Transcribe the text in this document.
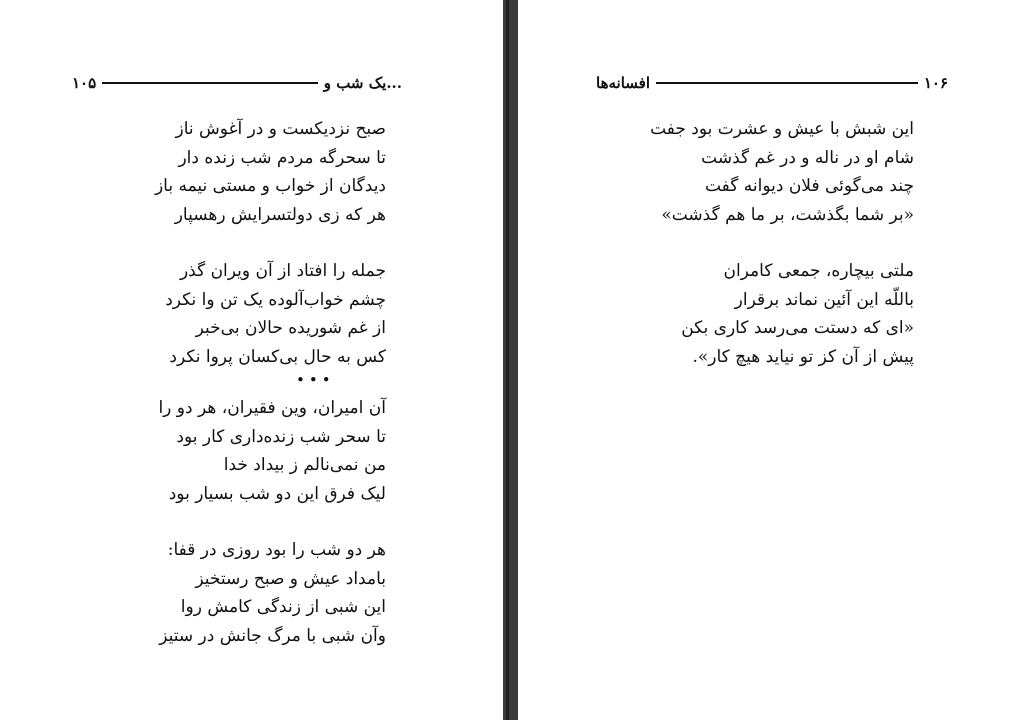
۱۰۵	یک شب و...
صبح نزدیکست و در آغوش ناز
تا سحرگه مردم شب زنده دار
دیدگان از خواب و مستی نیمه باز
هر که زی دولتسرایش رهسپار
جمله را افتاد از آن ویران گذر
چشم خواب‌آلوده یک تن وا نکرد
از غم شوریده حالان بی‌خبر
کس به حال بی‌کسان پروا نکرد
•••
آن امیران، وین فقیران، هر دو را
تا سحر شب زنده‌داری کار بود
من نمی‌نالم ز بیداد خدا
لیک فرق این دو شب بسیار بود
هر دو شب را بود روزی در قفا:
بامداد عیش و صبح رستخیز
این شبی از زندگی کامش روا
وآن شبی با مرگ جانش در ستیز
افسانه‌ها	۱۰۶
این شبش با عیش و عشرت بود جفت
شام او در ناله و در غم گذشت
چند می‌گوئی فلان دیوانه گفت
«بر شما بگذشت، بر ما هم گذشت»
ملتی بیچاره، جمعی کامران
باللّه این آئین نماند برقرار
«ای که دستت می‌رسد کاری بکن
پیش از آن کز تو نیاید هیچ کار».
